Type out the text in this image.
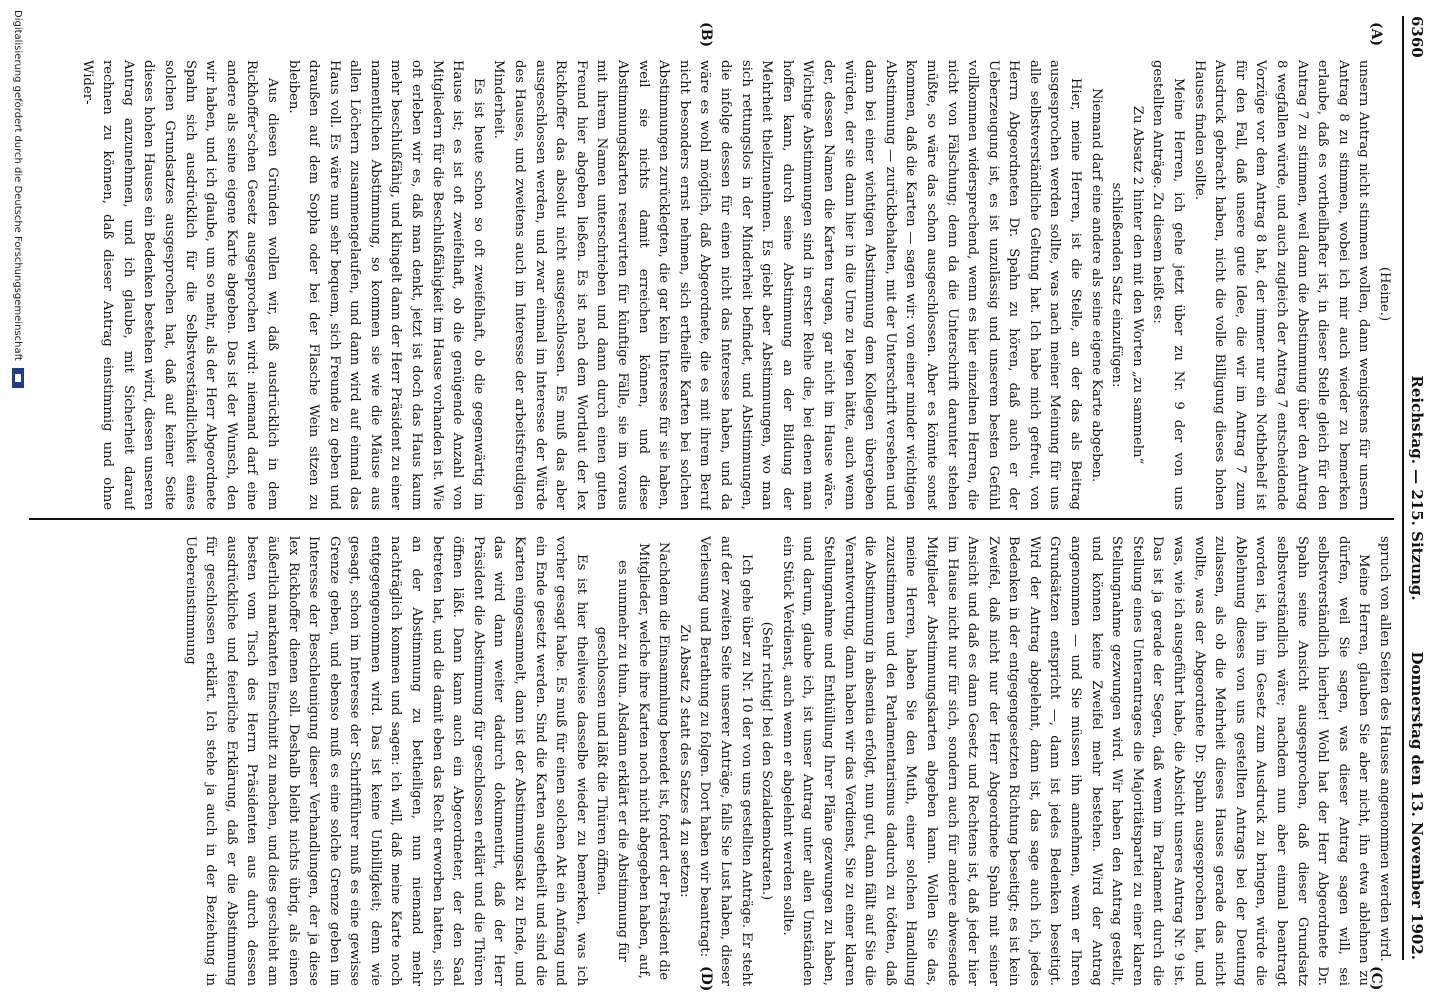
6360
Reichstag. — 215. Sitzung.
Donnerstag den 13. November 1902.
(A)
(B)
(C)
(D)

(Heine.)

unsern Antrag nicht stimmen wollen, dann wenigstens für unsern Antrag 8 zu stimmen, wobei ich mir auch wieder zu bemerken erlaube, daß es vortheilhafter ist, in dieser Stelle gleich für den Antrag 7 zu stimmen, weil dann die Abstimmung über den Antrag 8 wegfallen würde, und auch zugleich der Antrag 7 entscheidende Vorzüge vor dem Antrag 8 hat, der immer nur ein Nothbehelf ist für den Fall, daß unsere gute Idee, die wir im Antrag 7 zum Ausdruck gebracht haben, nicht die volle Billigung dieses hohen Hauses finden sollte.

Meine Herren, ich gehe jetzt über zu Nr. 9 der von uns gestellten Anträge. Zu diesem heißt es:

Zu Absatz 2 hinter den mit den Worten „zu sammeln“ schließenden Satz einzufügen:

Niemand darf eine andere als seine eigene Karte abgeben.

Hier, meine Herren, ist die Stelle, an der das als Beitrag ausgesprochen werden sollte, was nach meiner Meinung für uns alle selbstverständliche Geltung hat. Ich habe mich gefreut, von Herrn Abgeordneten Dr. Spahn zu hören, daß auch er der Ueberzeugung ist, es ist unzulässig und unserem besten Gefühl vollkommen widersprechend, wenn es hier einzelnen Herren, die nicht von Fälschung; denn da die Unterschrift darunter stehen müßte, so wäre das schon ausgeschlossen. Aber es könnte sonst kommen, daß die Karten — sagen wir: von einer minder wichtigen Abstimmung — zurückbehalten, mit der Unterschrift versehen und dann bei einer wichtigen Abstimmung dem Kollegen übergeben würden, der sie dann hier in die Urne zu legen hätte, auch wenn der, dessen Namen die Karten tragen, gar nicht im Hause wäre. Wichtige Abstimmungen sind in erster Reihe die, bei denen man hoffen kann, durch seine Abstimmung an der Bildung der Mehrheit theilzunehmen. Es giebt aber Abstimmungen, wo man sich rettungslos in der Minderheit befindet, und Abstimmungen, die infolge dessen für einen nicht das Interesse haben, und da wäre es wohl möglich, daß Abgeordnete, die es mit ihrem Beruf nicht besonders ernst nehmen, sich ertheilte Karten bei solchen Abstimmungen zurücklegten, die gar kein Interesse für sie haben, weil sie nichts damit erreichen können, und diese Abstimmungskarten reservirten für künftige Fälle, sie im voraus mit ihrem Namen unterschrieben und dann durch einen guten Freund hier abgeben ließen. Es ist nach dem Wortlaut der lex Rickhoffer das absolut nicht ausgeschlossen. Es muß das aber ausgeschlossen werden, und zwar einmal im Interesse der Würde des Hauses, und zweitens auch im Interesse der arbeitsfreudigen Minderheit.

Es ist heute schon so oft zweifelhaft, ob die gegenwärtig im Hause ist; es ist oft zweifelhaft, ob die genügende Anzahl von Mitgliedern für die Beschlußfähigkeit im Hause vorhanden ist. Wie oft erleben wir es, daß man denkt, jetzt ist doch das Haus kaum mehr beschlußfähig, und klingelt dann der Herr Präsident zu einer namentlichen Abstimmung, so kommen sie wie die Mäuse aus allen Löchern zusammengelaufen, und dann wird auf einmal das Haus voll. Es wäre nun sehr bequem, sich Freunde zu geben und draußen auf dem Sopha oder bei der Flasche Wein sitzen zu bleiben.

Aus diesen Gründen wollen wir, daß ausdrücklich in dem Rickhoffer'schen Gesetz ausgesprochen wird: niemand darf eine andere als seine eigene Karte abgeben. Das ist der Wunsch, den wir haben, und ich glaube, um so mehr, als der Herr Abgeordnete Spahn sich ausdrücklich für die Selbstverständlichkeit eines solchen Grundsatzes ausgesprochen hat, daß auf keiner Seite dieses hohen Hauses ein Bedenken bestehen wird, diesen unseren Antrag anzunehmen, und ich glaube, mit Sicherheit darauf rechnen zu können, daß dieser Antrag einstimmig und ohne Wider-

spruch von allen Seiten des Hauses angenommen werden wird.

Meine Herren, glauben Sie aber nicht, ihn etwa ablehnen zu dürfen, weil Sie sagen, was dieser Antrag sagen will, sei selbstverständlich hierher! Wohl hat der Herr Abgeordnete Dr. Spahn seine Ansicht ausgesprochen, daß dieser Grundsatz selbstverständlich wäre; nachdem nun aber einmal beantragt worden ist, ihn im Gesetz zum Ausdruck zu bringen, würde die Ablehnung dieses von uns gestellten Antrags bei der Deutung zulassen, als ob die Mehrheit dieses Hauses gerade das nicht wollte, was der Abgeordnete Dr. Spahn ausgesprochen hat, und was, wie ich ausgeführt habe, die Absicht unseres Antrag Nr. 9 ist. Das ist ja gerade der Segen, daß wenn im Parlament durch die Stellung eines Unterantrages die Majoritätspartei zu einer klaren Stellungnahme gezwungen wird. Wir haben den Antrag gestellt, und können keine Zweifel mehr bestehen. Wird der Antrag angenommen — und Sie müssen ihn annehmen, wenn er Ihren Grundsätzen entspricht —, dann ist jedes Bedenken beseitigt. Wird der Antrag abgelehnt, dann ist, das sage auch ich, jedes Bedenken in der entgegengesetzten Richtung beseitigt; es ist kein Zweifel, daß nicht nur der Herr Abgeordnete Spahn mit seiner Ansicht und daß es dann Gesetz und Rechtens ist, daß jeder hier im Hause nicht nur für sich, sondern auch für andere abwesende Mitglieder Abstimmungskarten abgeben kann. Wollen Sie das, meine Herren, haben Sie den Muth, einer solchen Handlung zuzustimmen und den Parlamentarismus dadurch zu tödten, daß die Abstimmung in absentia erfolgt, nun gut, dann fällt auf Sie die Verantwortung, dann haben wir das Verdienst, Sie zu einer klaren Stellungnahme und Enthüllung Ihrer Pläne gezwungen zu haben, und darum, glaube ich, ist unser Antrag unter allen Umständen ein Stück Verdienst, auch wenn er abgelehnt werden sollte.

(Sehr richtig! bei den Sozialdemokraten.)

Ich gehe über zu Nr. 10 der von uns gestellten Anträge. Er steht auf der zweiten Seite unserer Anträge, falls Sie Lust haben, dieser Verlesung und Berathung zu folgen. Dort haben wir beantragt:

Zu Absatz 2 statt des Satzes 4 zu setzen:

Nachdem die Einsammlung beendet ist, fordert der Präsident die Mitglieder, welche ihre Karten noch nicht abgegeben haben, auf, es nunmehr zu thun. Alsdann erklärt er die Abstimmung für geschlossen und läßt die Thüren öffnen.

Es ist hier theilweise dasselbe wieder zu bemerken, was ich vorher gesagt habe. Es muß für einen solchen Akt ein Anfang und ein Ende gesetzt werden. Sind die Karten ausgetheilt und sind die Karten eingesammelt, dann ist der Abstimmungsakt zu Ende, und das wird dann weiter dadurch dokumentirt, daß der Herr Präsident die Abstimmung für geschlossen erklärt und die Thüren öffnen läßt. Dann kann auch ein Abgeordneter, der den Saal betreten hat, und die damit eben das Recht erworben hatten, sich an der Abstimmung zu betheiligen, nun niemand mehr nachträglich kommen und sagen: ich will, daß meine Karte noch entgegengenommen wird. Das ist keine Unbilligkeit; denn wie gesagt, schon im Interesse der Schriftführer muß es eine gewisse Grenze geben, und ebenso muß es eine solche Grenze geben im Interesse der Beschleunigung dieser Verhandlungen, der ja diese lex Rickhoffer dienen soll. Deshalb bleibt nichts übrig, als einen äußerlich markanten Einschnitt zu machen, und dies geschieht am besten vom Tisch des Herrn Präsidenten aus durch dessen ausdrückliche und feierliche Erklärung, daß er die Abstimmung für geschlossen erklärt. Ich stehe ja auch in der Beziehung in Uebereinstimmung

Digitalisierung gefördert durch die Deutsche Forschungsgemeinschaft
